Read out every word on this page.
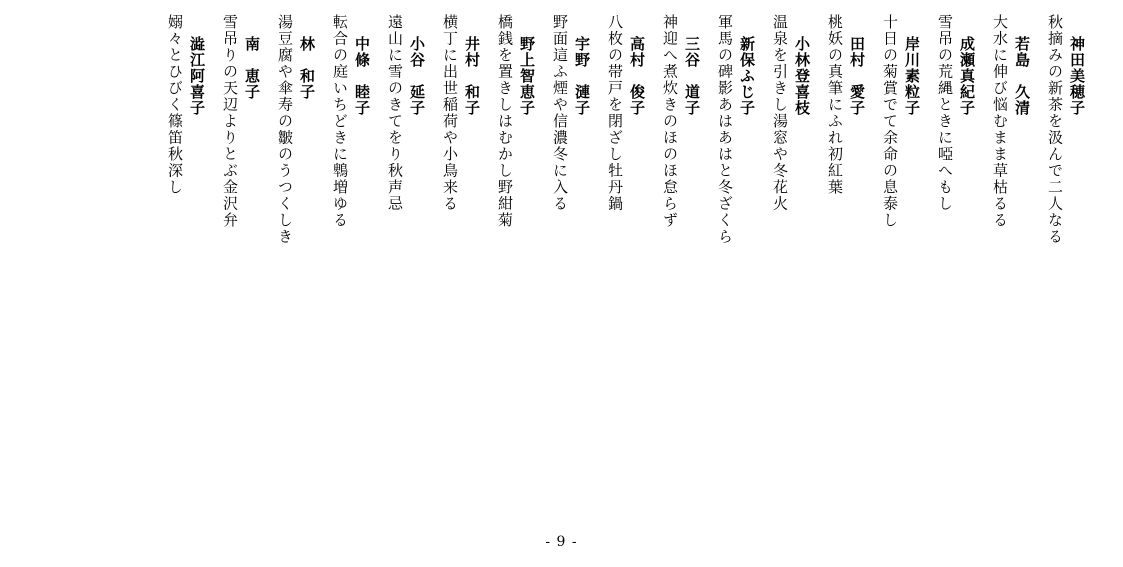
神田美穂子
秋摘みの新茶を汲んで二人なる
若島　久清
大水に伸び悩むまま草枯るる
成瀬真紀子
雪吊の荒縄ときに啞へもし
岸川素粒子
十日の菊賞でて余命の息泰し
田村　愛子
桃妖の真筆にふれ初紅葉
小林登喜枝
温泉を引きし湯窓や冬花火
新保ふじ子
軍馬の碑影あはあはと冬ざくら
三谷　道子
神迎へ煮炊きのほのほ怠らず
高村　俊子
八枚の帯戸を閉ざし牡丹鍋
宇野　漣子
野面這ふ煙や信濃冬に入る
野上智恵子
橋銭を置きしはむかし野紺菊
井村　和子
横丁に出世稲荷や小鳥来る
小谷　延子
遠山に雪のきてをり秋声忌
中條　睦子
転合の庭いちどきに鵯増ゆる
林　和子
湯豆腐や傘寿の皺のうつくしき
南　恵子
雪吊りの天辺よりとぶ金沢弁
澁江阿喜子
嫋々とひびく篠笛秋深し
- 9 -
